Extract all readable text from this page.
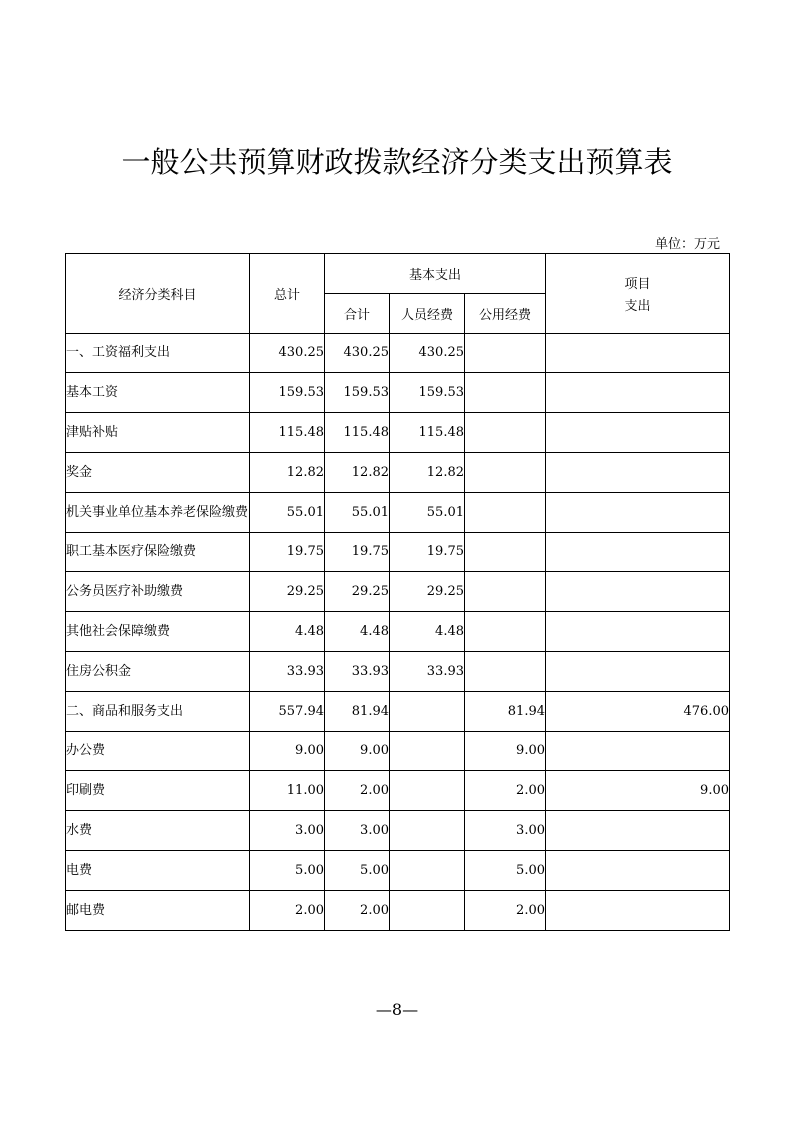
一般公共预算财政拨款经济分类支出预算表
单位：万元
经济分类科目	总计	基本支出			项目
支出
		合计	人员经费	公用经费	
一、工资福利支出	430.25	430.25	430.25		
基本工资	159.53	159.53	159.53		
津贴补贴	115.48	115.48	115.48		
奖金	12.82	12.82	12.82		
机关事业单位基本养老保险缴费	55.01	55.01	55.01		
职工基本医疗保险缴费	19.75	19.75	19.75		
公务员医疗补助缴费	29.25	29.25	29.25		
其他社会保障缴费	4.48	4.48	4.48		
住房公积金	33.93	33.93	33.93		
二、商品和服务支出	557.94	81.94		81.94	476.00
办公费	9.00	9.00		9.00	
印刷费	11.00	2.00		2.00	9.00
水费	3.00	3.00		3.00	
电费	5.00	5.00		5.00	
邮电费	2.00	2.00		2.00	
—8—
